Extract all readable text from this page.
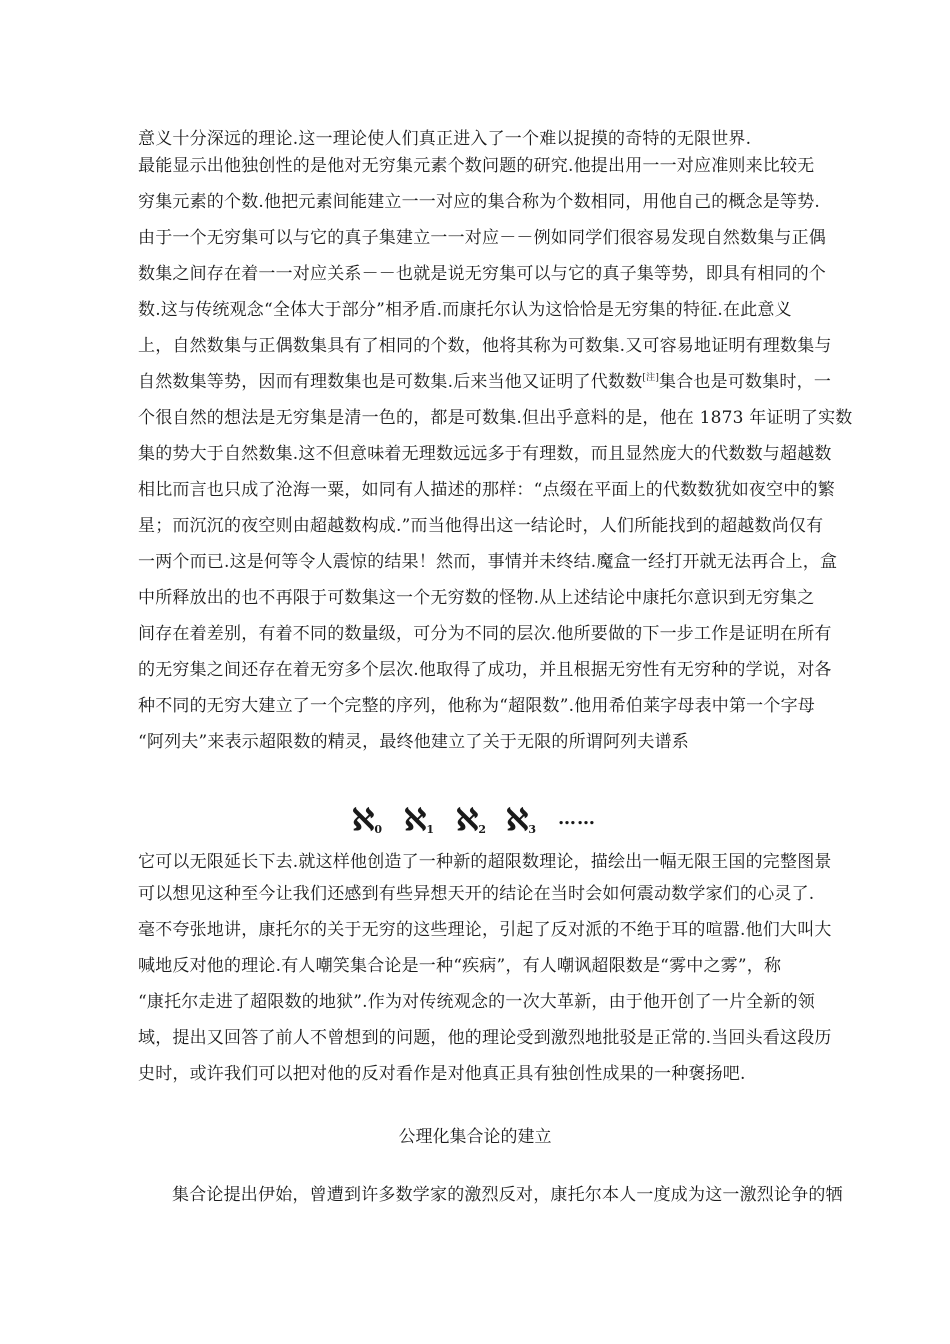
意义十分深远的理论.这一理论使人们真正进入了一个难以捉摸的奇特的无限世界.
最能显示出他独创性的是他对无穷集元素个数问题的研究.他提出用一一对应准则来比较无
穷集元素的个数.他把元素间能建立一一对应的集合称为个数相同，用他自己的概念是等势.
由于一个无穷集可以与它的真子集建立一一对应－－例如同学们很容易发现自然数集与正偶
数集之间存在着一一对应关系－－也就是说无穷集可以与它的真子集等势，即具有相同的个
数.这与传统观念“全体大于部分”相矛盾.而康托尔认为这恰恰是无穷集的特征.在此意义
上，自然数集与正偶数集具有了相同的个数，他将其称为可数集.又可容易地证明有理数集与
自然数集等势，因而有理数集也是可数集.后来当他又证明了代数数[注]集合也是可数集时，一
个很自然的想法是无穷集是清一色的，都是可数集.但出乎意料的是，他在 1873 年证明了实数
集的势大于自然数集.这不但意味着无理数远远多于有理数，而且显然庞大的代数数与超越数
相比而言也只成了沧海一粟，如同有人描述的那样：“点缀在平面上的代数数犹如夜空中的繁
星；而沉沉的夜空则由超越数构成.”而当他得出这一结论时，人们所能找到的超越数尚仅有
一两个而已.这是何等令人震惊的结果！然而，事情并未终结.魔盒一经打开就无法再合上，盒
中所释放出的也不再限于可数集这一个无穷数的怪物.从上述结论中康托尔意识到无穷集之
间存在着差别，有着不同的数量级，可分为不同的层次.他所要做的下一步工作是证明在所有
的无穷集之间还存在着无穷多个层次.他取得了成功，并且根据无穷性有无穷种的学说，对各
种不同的无穷大建立了一个完整的序列，他称为“超限数”.他用希伯莱字母表中第一个字母
“阿列夫”来表示超限数的精灵，最终他建立了关于无限的所谓阿列夫谱系
ℵ$_0$ ℵ$_1$ ℵ$_2$ ℵ$_3$
……
它可以无限延长下去.就这样他创造了一种新的超限数理论，描绘出一幅无限王国的完整图景
可以想见这种至今让我们还感到有些异想天开的结论在当时会如何震动数学家们的心灵了.
毫不夸张地讲，康托尔的关于无穷的这些理论，引起了反对派的不绝于耳的喧嚣.他们大叫大
喊地反对他的理论.有人嘲笑集合论是一种“疾病”，有人嘲讽超限数是“雾中之雾”，称
“康托尔走进了超限数的地狱”.作为对传统观念的一次大革新，由于他开创了一片全新的领
域，提出又回答了前人不曾想到的问题，他的理论受到激烈地批驳是正常的.当回头看这段历
史时，或许我们可以把对他的反对看作是对他真正具有独创性成果的一种褒扬吧.
公理化集合论的建立
集合论提出伊始，曾遭到许多数学家的激烈反对，康托尔本人一度成为这一激烈论争的牺
